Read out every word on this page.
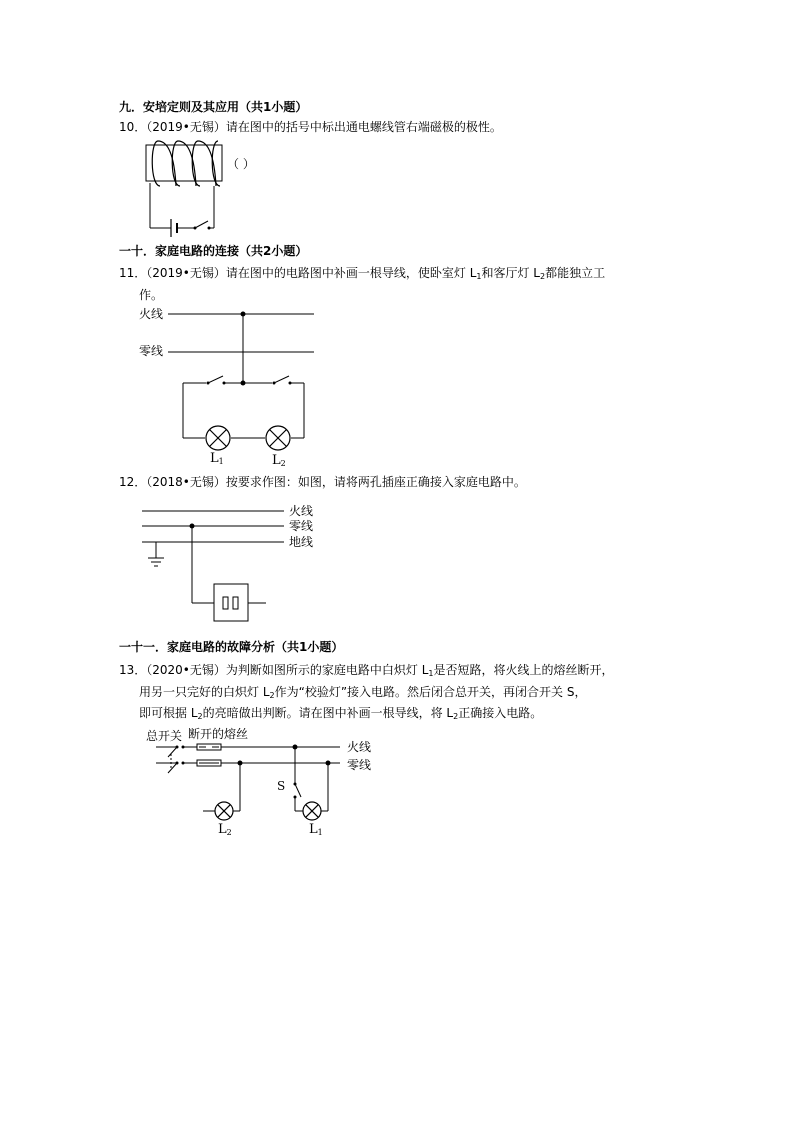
九．安培定则及其应用（共1小题）
10．（2019•无锡）请在图中的括号中标出通电螺线管右端磁极的极性。
（ ）
一十．家庭电路的连接（共2小题）
11．（2019•无锡）请在图中的电路图中补画一根导线，使卧室灯 $L_1$和客厅灯 $L_2$都能独立工
作。
火线
零线
$L_1$	$L_2$
12．（2018•无锡）按要求作图：如图，请将两孔插座正确接入家庭电路中。
火线
零线
地线
一十一．家庭电路的故障分析（共1小题）
13．（2020•无锡）为判断如图所示的家庭电路中白炽灯 $L_1$是否短路，将火线上的熔丝断开，
用另一只完好的白炽灯 $L_2$作为“校验灯”接入电路。然后闭合总开关，再闭合开关 S，
即可根据 $L_2$的亮暗做出判断。请在图中补画一根导线，将 $L_2$正确接入电路。
总开关 断开的熔丝
火线
零线
S
$L_2$	$L_1$
